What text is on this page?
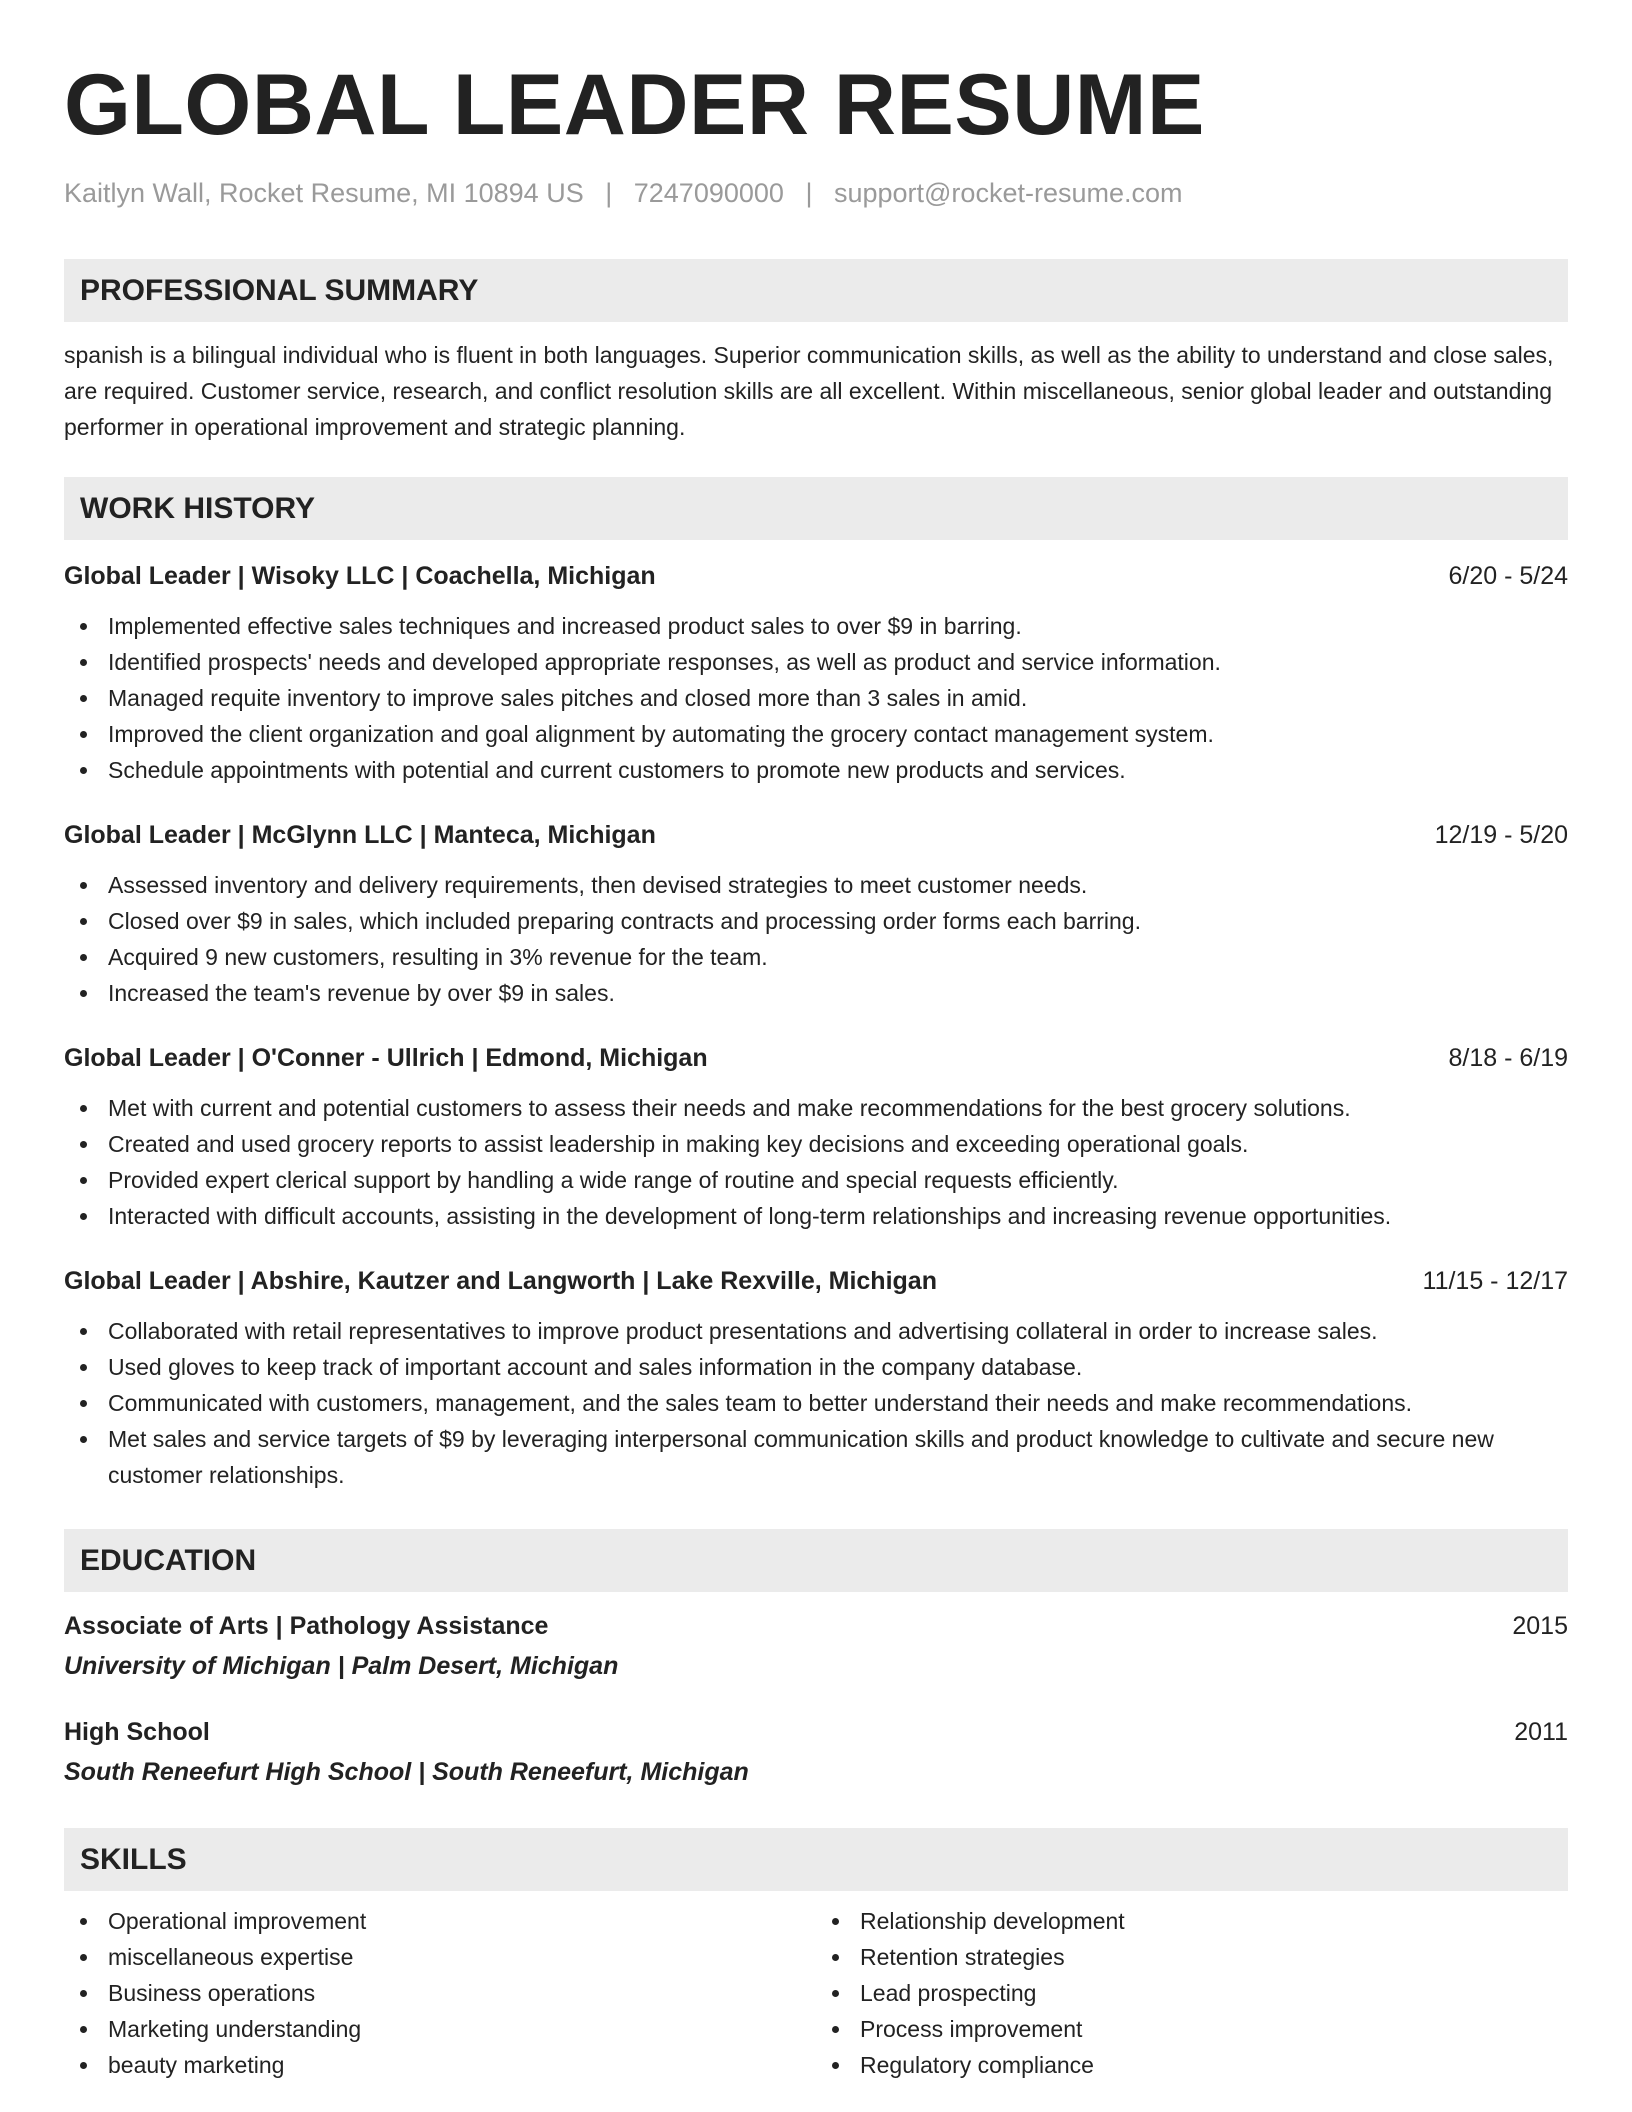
GLOBAL LEADER RESUME
Kaitlyn Wall, Rocket Resume, MI 10894 US | 7247090000 | support@rocket-resume.com
PROFESSIONAL SUMMARY

spanish is a bilingual individual who is fluent in both languages. Superior communication skills, as well as the ability to understand and close sales, are required. Customer service, research, and conflict resolution skills are all excellent. Within miscellaneous, senior global leader and outstanding performer in operational improvement and strategic planning.

WORK HISTORY
Global Leader | Wisoky LLC | Coachella, Michigan	6/20 - 5/24
Implemented effective sales techniques and increased product sales to over $9 in barring.
Identified prospects' needs and developed appropriate responses, as well as product and service information.
Managed requite inventory to improve sales pitches and closed more than 3 sales in amid.
Improved the client organization and goal alignment by automating the grocery contact management system.
Schedule appointments with potential and current customers to promote new products and services.
Global Leader | McGlynn LLC | Manteca, Michigan	12/19 - 5/20
Assessed inventory and delivery requirements, then devised strategies to meet customer needs.
Closed over $9 in sales, which included preparing contracts and processing order forms each barring.
Acquired 9 new customers, resulting in 3% revenue for the team.
Increased the team's revenue by over $9 in sales.
Global Leader | O'Conner - Ullrich | Edmond, Michigan	8/18 - 6/19
Met with current and potential customers to assess their needs and make recommendations for the best grocery solutions.
Created and used grocery reports to assist leadership in making key decisions and exceeding operational goals.
Provided expert clerical support by handling a wide range of routine and special requests efficiently.
Interacted with difficult accounts, assisting in the development of long-term relationships and increasing revenue opportunities.
Global Leader | Abshire, Kautzer and Langworth | Lake Rexville, Michigan	11/15 - 12/17
Collaborated with retail representatives to improve product presentations and advertising collateral in order to increase sales.
Used gloves to keep track of important account and sales information in the company database.
Communicated with customers, management, and the sales team to better understand their needs and make recommendations.
Met sales and service targets of $9 by leveraging interpersonal communication skills and product knowledge to cultivate and secure new customer relationships.
EDUCATION
Associate of Arts | Pathology Assistance	2015
University of Michigan | Palm Desert, Michigan
High School	2011
South Reneefurt High School | South Reneefurt, Michigan
SKILLS
Operational improvement
miscellaneous expertise
Business operations
Marketing understanding
beauty marketing
Relationship development
Retention strategies
Lead prospecting
Process improvement
Regulatory compliance
